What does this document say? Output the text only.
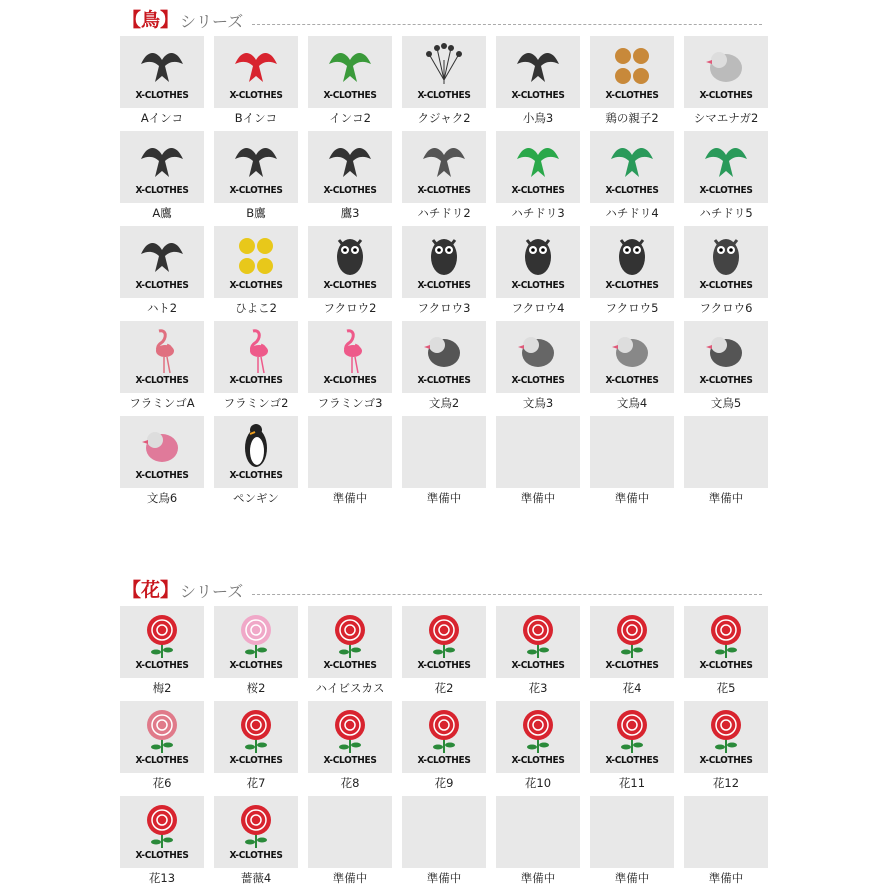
【鳥】 シリーズ
X-CLOTHES
Aインコ
X-CLOTHES
Bインコ
X-CLOTHES
インコ2
X-CLOTHES
クジャク2
X-CLOTHES
小鳥3
X-CLOTHES
鶏の親子2
X-CLOTHES
シマエナガ2
X-CLOTHES
A鷹
X-CLOTHES
B鷹
X-CLOTHES
鷹3
X-CLOTHES
ハチドリ2
X-CLOTHES
ハチドリ3
X-CLOTHES
ハチドリ4
X-CLOTHES
ハチドリ5
X-CLOTHES
ハト2
X-CLOTHES
ひよこ2
X-CLOTHES
フクロウ2
X-CLOTHES
フクロウ3
X-CLOTHES
フクロウ4
X-CLOTHES
フクロウ5
X-CLOTHES
フクロウ6
X-CLOTHES
フラミンゴA
X-CLOTHES
フラミンゴ2
X-CLOTHES
フラミンゴ3
X-CLOTHES
文鳥2
X-CLOTHES
文鳥3
X-CLOTHES
文鳥4
X-CLOTHES
文鳥5
X-CLOTHES
文鳥6
X-CLOTHES
ペンギン	準備中	準備中	準備中	準備中	準備中
【花】 シリーズ
X-CLOTHES
梅2
X-CLOTHES
桜2
X-CLOTHES
ハイビスカス
X-CLOTHES
花2
X-CLOTHES
花3
X-CLOTHES
花4
X-CLOTHES
花5
X-CLOTHES
花6
X-CLOTHES
花7
X-CLOTHES
花8
X-CLOTHES
花9
X-CLOTHES
花10
X-CLOTHES
花11
X-CLOTHES
花12
X-CLOTHES
花13
X-CLOTHES
薔薇4	準備中	準備中	準備中	準備中	準備中
